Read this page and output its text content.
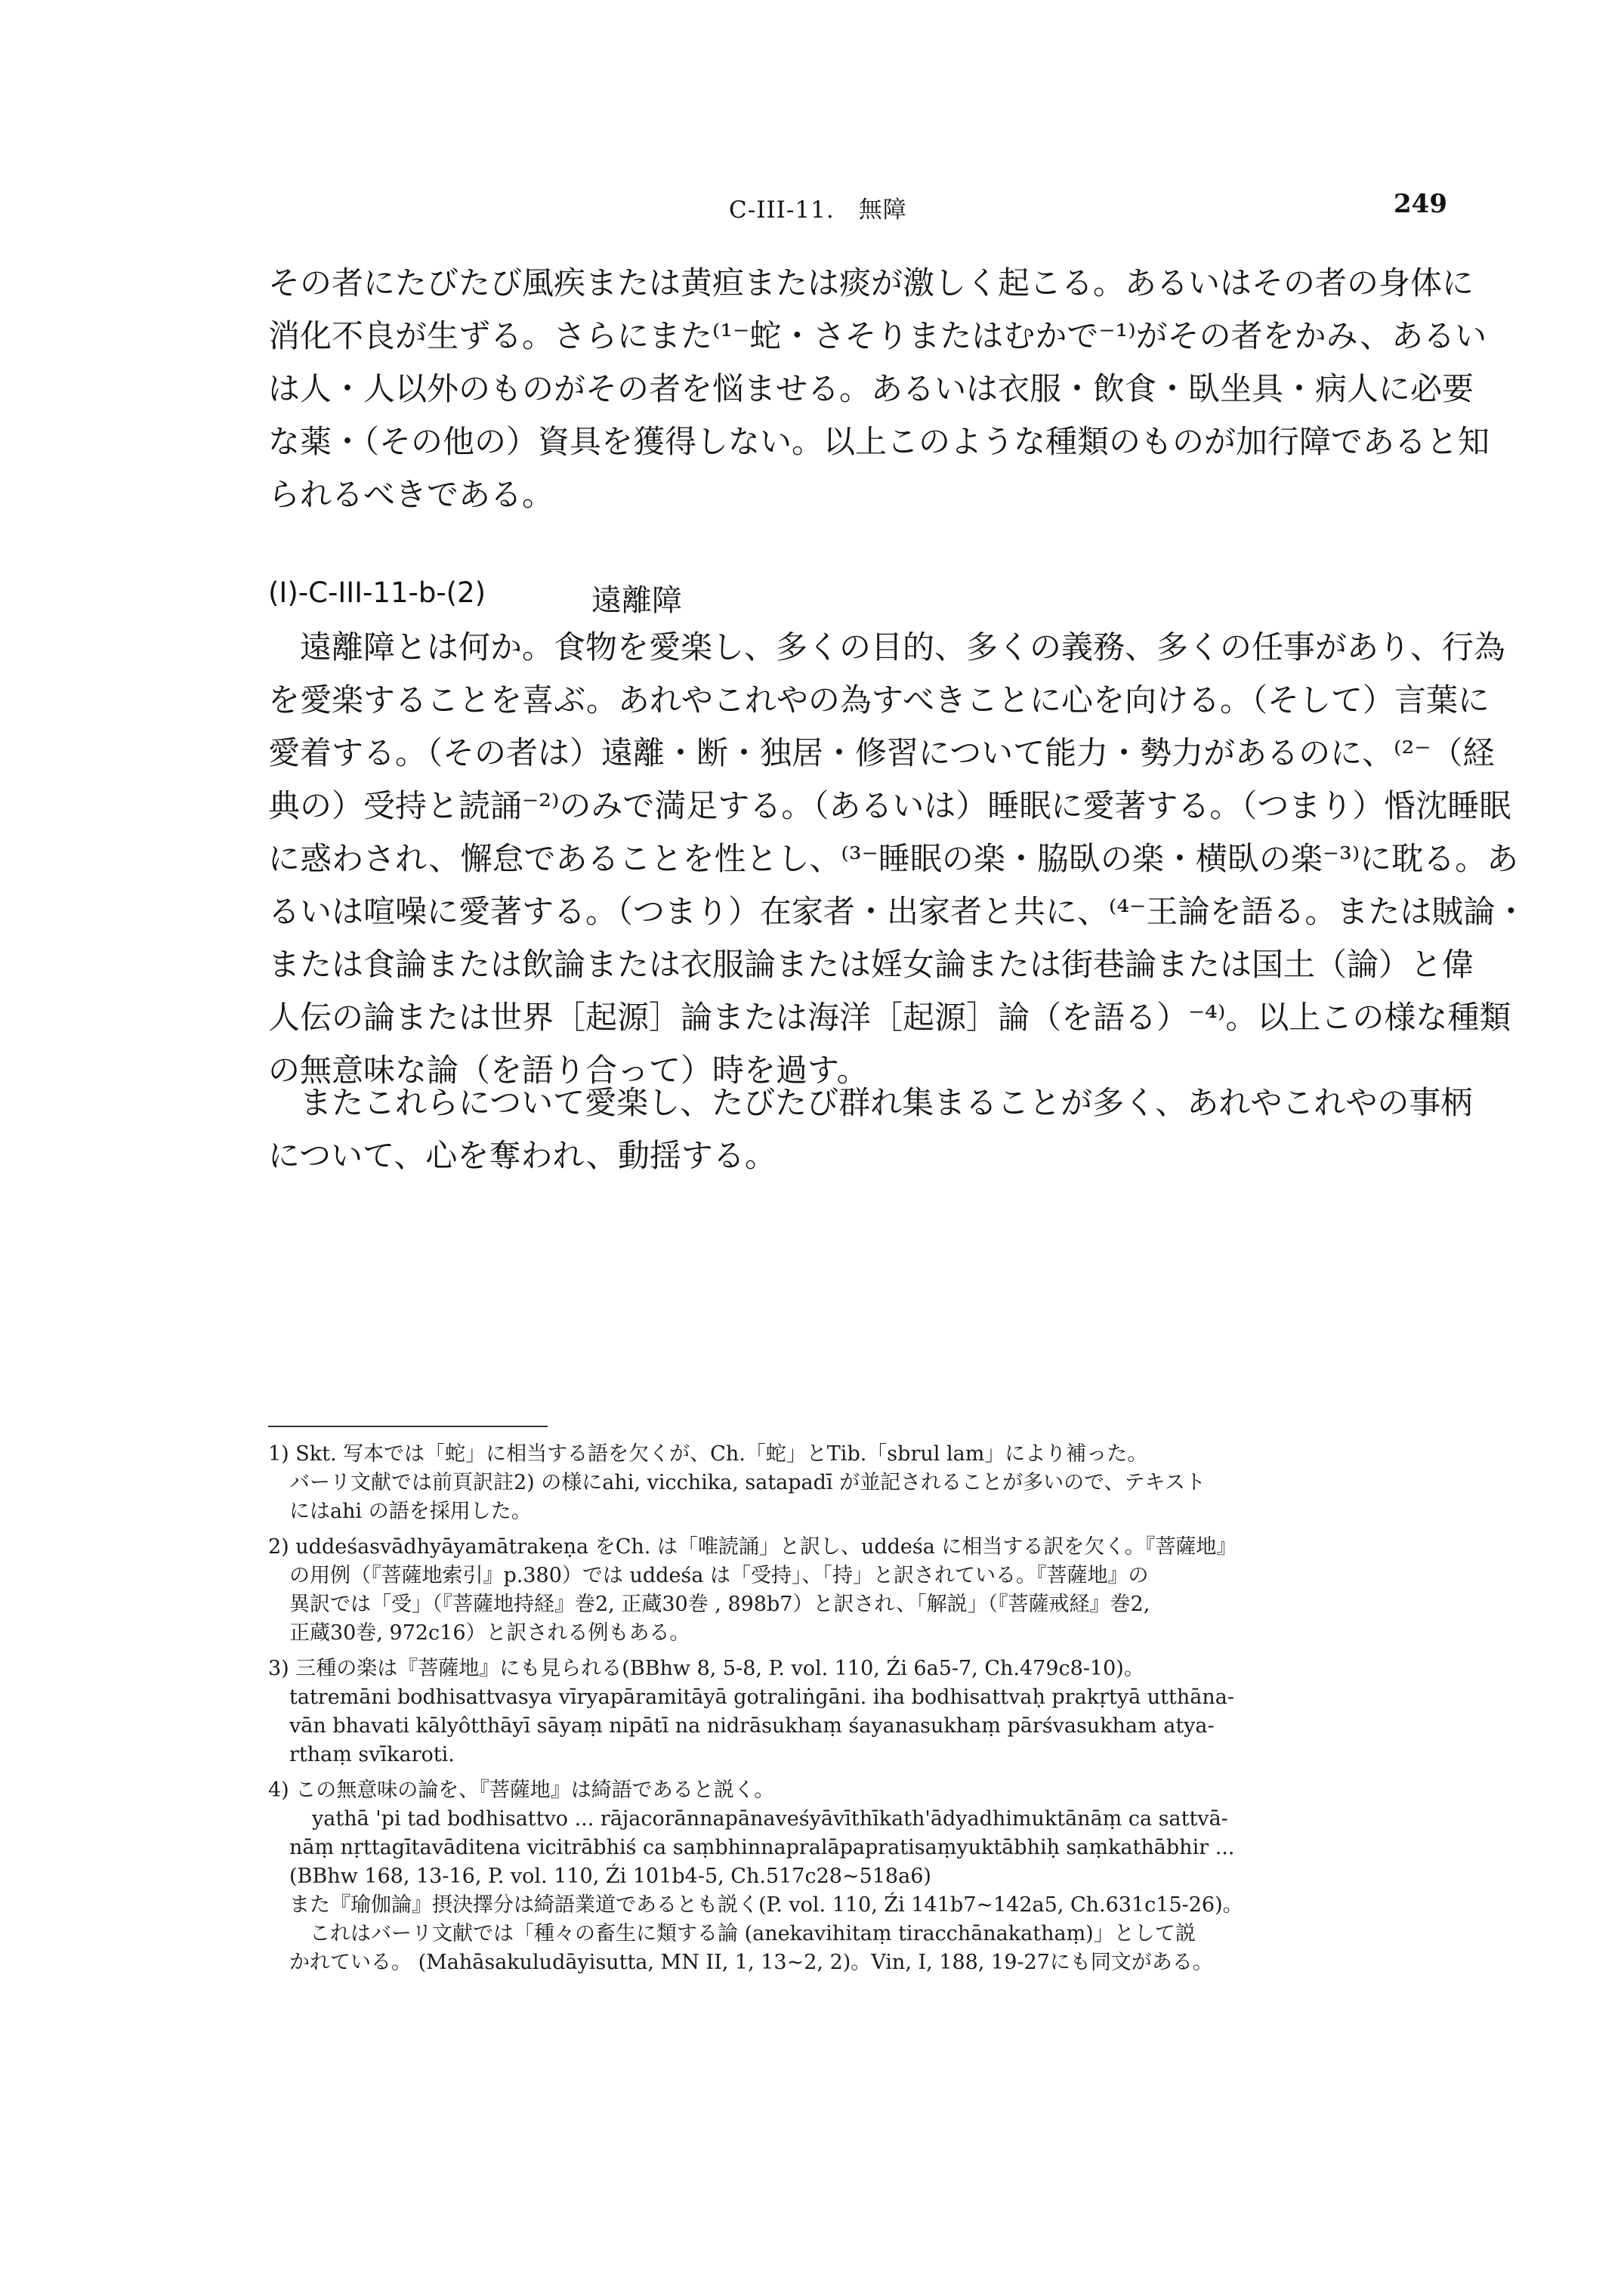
C-III-11.　無障	249

その者にたびたび風疾または黄疸または痰が激しく起こる。あるいはその者の身体に

消化不良が生ずる。さらにまた⁽¹⁻蛇・さそりまたはむかで⁻¹⁾がその者をかみ、あるい

は人・人以外のものがその者を悩ませる。あるいは衣服・飲食・臥坐具・病人に必要

な薬・（その他の）資具を獲得しない。以上このような種類のものが加行障であると知

られるべきである。

(I)-C-III-11-b-(2)	遠離障

　遠離障とは何か。食物を愛楽し、多くの目的、多くの義務、多くの任事があり、行為

を愛楽することを喜ぶ。あれやこれやの為すべきことに心を向ける。（そして）言葉に

愛着する。（その者は）遠離・断・独居・修習について能力・勢力があるのに、⁽²⁻（経

典の）受持と読誦⁻²⁾のみで満足する。（あるいは）睡眠に愛著する。（つまり）惛沈睡眠

に惑わされ、懈怠であることを性とし、⁽³⁻睡眠の楽・脇臥の楽・横臥の楽⁻³⁾に耽る。あ

るいは喧噪に愛著する。（つまり）在家者・出家者と共に、⁽⁴⁻王論を語る。または賊論・

または食論または飲論または衣服論または婬女論または街巷論または国土（論）と偉

人伝の論または世界［起源］論または海洋［起源］論（を語る）⁻⁴⁾。以上この様な種類

の無意味な論（を語り合って）時を過す。

　またこれらについて愛楽し、たびたび群れ集まることが多く、あれやこれやの事柄

について、心を奪われ、動揺する。

1) Skt. 写本では「蛇」に相当する語を欠くが、Ch.「蛇」とTib.「sbrul lam」により補った。
バーリ文献では前頁訳註2) の様にahi, vicchika, satapadī が並記されることが多いので、テキスト
にはahi の語を採用した。
2) uddeśasvādhyāyamātrakeṇa をCh. は「唯読誦」と訳し、uddeśa に相当する訳を欠く。『菩薩地』
の用例（『菩薩地索引』p.380）では uddeśa は「受持」、「持」と訳されている。『菩薩地』の
異訳では「受」（『菩薩地持経』巻2, 正蔵30巻 , 898b7）と訳され、「解説」（『菩薩戒経』巻2,
正蔵30巻, 972c16）と訳される例もある。
3) 三種の楽は『菩薩地』にも見られる(BBhw 8, 5-8, P. vol. 110, Źi 6a5-7, Ch.479c8-10)。
tatremāni bodhisattvasya vīryapāramitāyā gotraliṅgāni. iha bodhisattvaḥ prakṛtyā utthāna-
vān bhavati kālyôtthāyī sāyaṃ nipātī na nidrāsukhaṃ śayanasukhaṃ pārśvasukham atya-
rthaṃ svīkaroti.
4) この無意味の論を、『菩薩地』は綺語であると説く。
yathā 'pi tad bodhisattvo ... rājacorānnapānaveśyāvīthīkath'ādyadhimuktānāṃ ca sattvā-
nāṃ nṛttagītavāditena vicitrābhiś ca saṃbhinnapralāpapratisaṃyuktābhiḥ saṃkathābhir ...
(BBhw 168, 13-16, P. vol. 110, Źi 101b4-5, Ch.517c28~518a6)
また『瑜伽論』摂決擇分は綺語業道であるとも説く(P. vol. 110, Źi 141b7~142a5, Ch.631c15-26)。
　これはバーリ文献では「種々の畜生に類する論 (anekavihitaṃ tiracchānakathaṃ)」として説
かれている。 (Mahāsakuludāyisutta, MN II, 1, 13~2, 2)。Vin, I, 188, 19-27にも同文がある。
